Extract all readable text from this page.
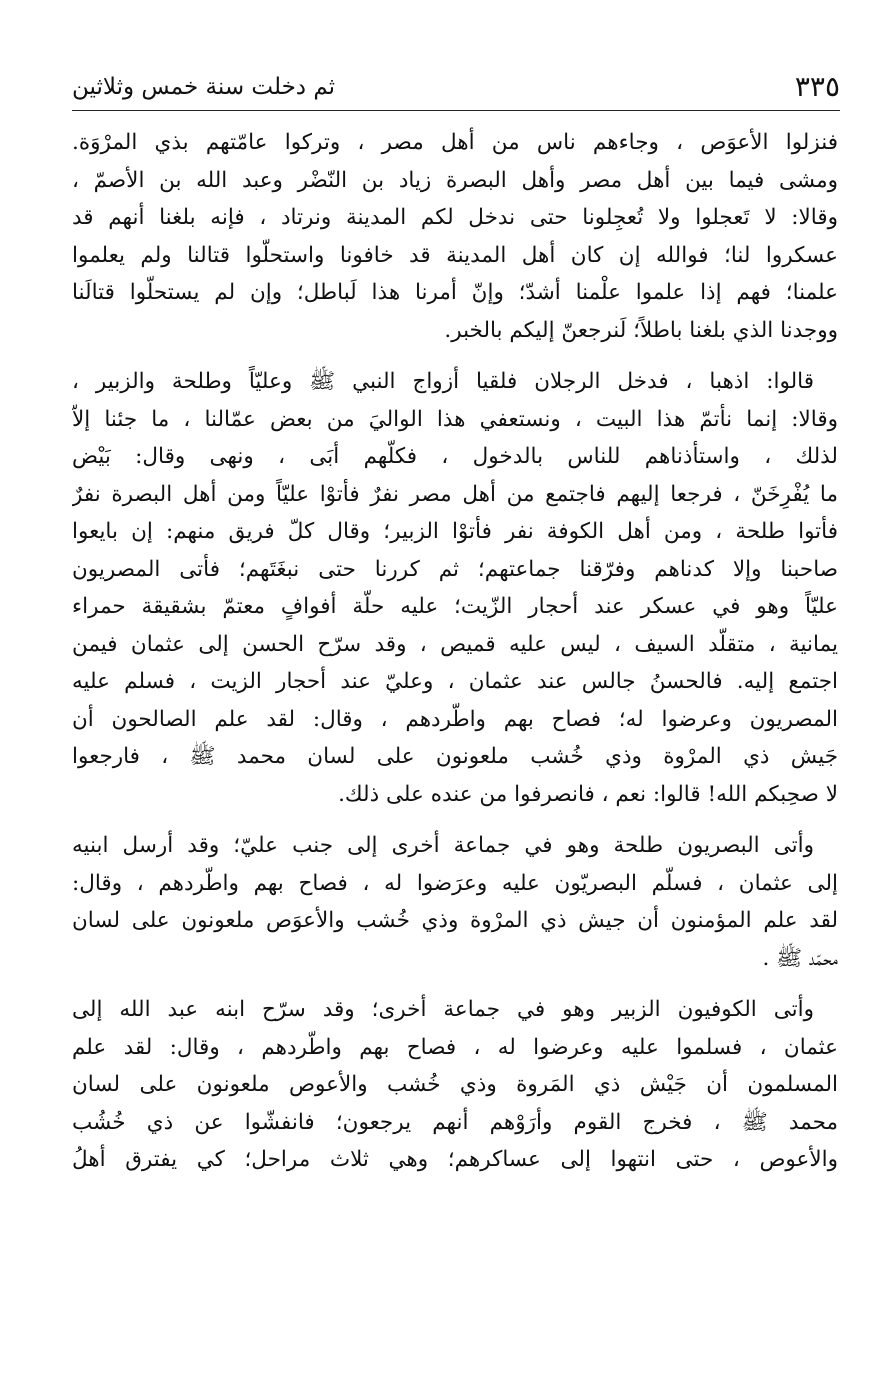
ثم دخلت سنة خمس وثلاثين	٣٣٥
فنزلوا الأعوَص ، وجاءهم ناس من أهل مصر ، وتركوا عامّتهم بذي المرْوَة.
ومشى فيما بين أهل مصر وأهل البصرة زياد بن النّضْر وعبد الله بن الأصمّ ،
وقالا: لا تَعجلوا ولا تُعجِلونا حتى ندخل لكم المدينة ونرتاد ، فإنه بلغنا أنهم قد
عسكروا لنا؛ فوالله إن كان أهل المدينة قد خافونا واستحلّوا قتالنا ولم يعلموا
علمنا؛ فهم إذا علموا علْمنا أشدّ؛ وإنّ أمرنا هذا لَباطل؛ وإن لم يستحلّوا قتالَنا
ووجدنا الذي بلغنا باطلاً؛ لَنرجعنّ إليكم بالخبر.
قالوا: اذهبا ، فدخل الرجلان فلقيا أزواج النبي ﷺ وعليّاً وطلحة والزبير ،
وقالا: إنما نأتمّ هذا البيت ، ونستعفي هذا الواليَ من بعض عمّالنا ، ما جئنا إلاّ
لذلك ، واستأذناهم للناس بالدخول ، فكلّهم أبَى ، ونهى وقال: بَيْض
ما يُفْرِخَنّ ، فرجعا إليهم فاجتمع من أهل مصر نفرٌ فأتوْا عليّاً ومن أهل البصرة نفرٌ
فأتوا طلحة ، ومن أهل الكوفة نفر فأتوْا الزبير؛ وقال كلّ فريق منهم: إن بايعوا
صاحبنا وإلا كدناهم وفرّقنا جماعتهم؛ ثم كررنا حتى نبغَتَهم؛ فأتى المصريون
عليّاً وهو في عسكر عند أحجار الزّيت؛ عليه حلّة أفوافٍ معتمّ بشقيقة حمراء
يمانية ، متقلّد السيف ، ليس عليه قميص ، وقد سرّح الحسن إلى عثمان فيمن
اجتمع إليه. فالحسنُ جالس عند عثمان ، وعليّ عند أحجار الزيت ، فسلم عليه
المصريون وعرضوا له؛ فصاح بهم واطّردهم ، وقال: لقد علم الصالحون أن
جَيش ذي المرْوة وذي خُشب ملعونون على لسان محمد ﷺ ، فارجعوا
لا صحِبكم الله! قالوا: نعم ، فانصرفوا من عنده على ذلك.
وأتى البصريون طلحة وهو في جماعة أخرى إلى جنب عليّ؛ وقد أرسل ابنيه
إلى عثمان ، فسلّم البصريّون عليه وعرَضوا له ، فصاح بهم واطّردهم ، وقال:
لقد علم المؤمنون أن جيش ذي المرْوة وذي خُشب والأعوَص ملعونون على لسان
محمّد ﷺ .
وأتى الكوفيون الزبير وهو في جماعة أخرى؛ وقد سرّح ابنه عبد الله إلى
عثمان ، فسلموا عليه وعرضوا له ، فصاح بهم واطّردهم ، وقال: لقد علم
المسلمون أن جَيْش ذي المَروة وذي خُشب والأعوص ملعونون على لسان
محمد ﷺ ، فخرج القوم وأرَوْهم أنهم يرجعون؛ فانفشّوا عن ذي خُشُب
والأعوص ، حتى انتهوا إلى عساكرهم؛ وهي ثلاث مراحل؛ كي يفترق أهلُ
